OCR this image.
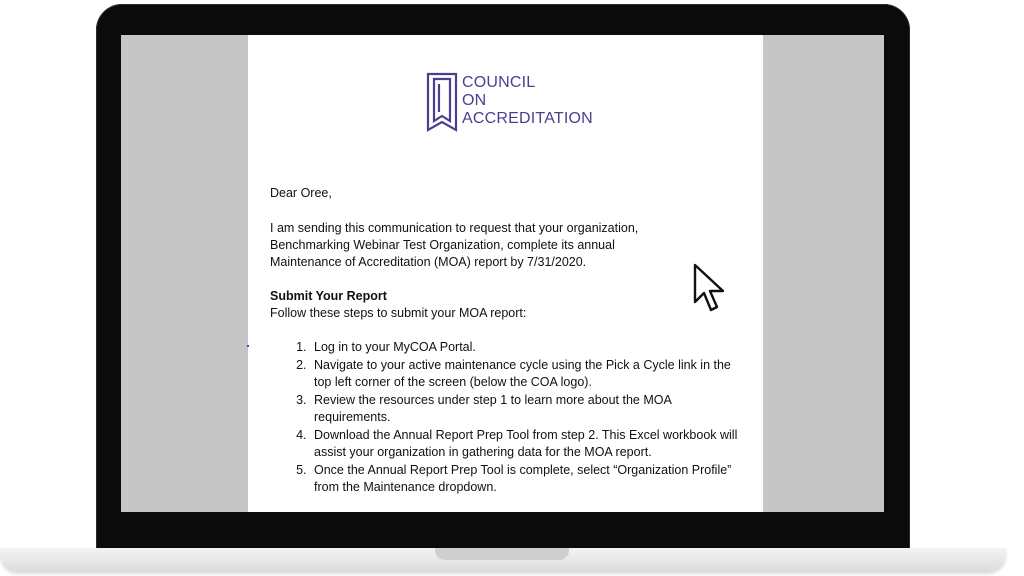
COUNCIL
ON
ACCREDITATION

Dear Oree,

I am sending this communication to request that your organization,
Benchmarking Webinar Test Organization, complete its annual
Maintenance of Accreditation (MOA) report by 7/31/2020.

Submit Your Report

Follow these steps to submit your MOA report:

1. Log in to your MyCOA Portal.
2. Navigate to your active maintenance cycle using the Pick a Cycle link in the top left corner of the screen (below the COA logo).
3. Review the resources under step 1 to learn more about the MOA requirements.
4. Download the Annual Report Prep Tool from step 2. This Excel workbook will assist your organization in gathering data for the MOA report.
5. Once the Annual Report Prep Tool is complete, select “Organization Profile” from the Maintenance dropdown.
